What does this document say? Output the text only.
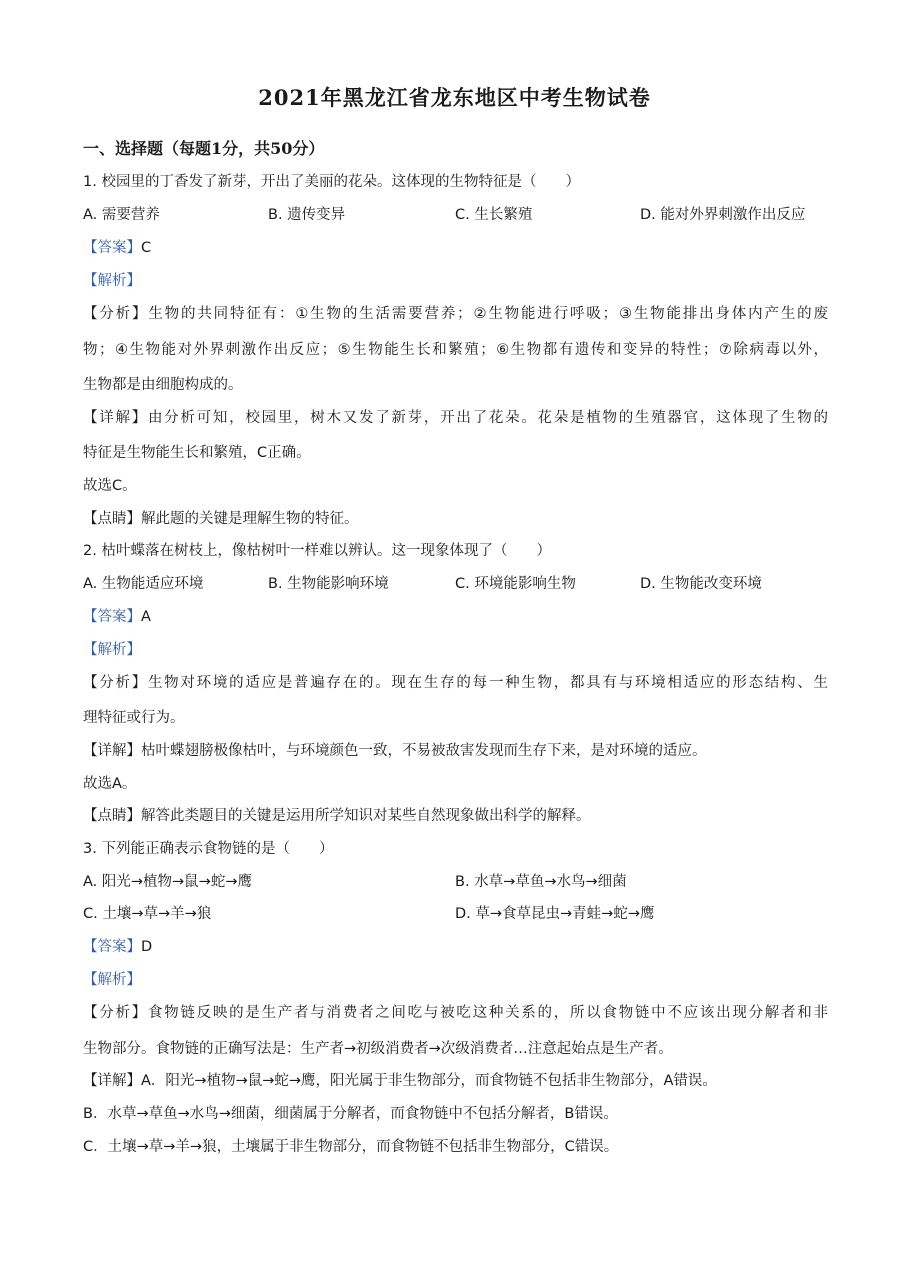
2021年黑龙江省龙东地区中考生物试卷
一、选择题（每题1分，共50分）
1. 校园里的丁香发了新芽，开出了美丽的花朵。这体现的生物特征是（　　）
A. 需要营养	B. 遗传变异	C. 生长繁殖	D. 能对外界刺激作出反应
【答案】C
【解析】
【分析】生物的共同特征有：①生物的生活需要营养；②生物能进行呼吸；③生物能排出身体内产生的废
物；④生物能对外界刺激作出反应；⑤生物能生长和繁殖；⑥生物都有遗传和变异的特性；⑦除病毒以外，
生物都是由细胞构成的。
【详解】由分析可知，校园里，树木又发了新芽，开出了花朵。花朵是植物的生殖器官，这体现了生物的
特征是生物能生长和繁殖，C正确。
故选C。
【点睛】解此题的关键是理解生物的特征。
2. 枯叶蝶落在树枝上，像枯树叶一样难以辨认。这一现象体现了（　　）
A. 生物能适应环境	B. 生物能影响环境	C. 环境能影响生物	D. 生物能改变环境
【答案】A
【解析】
【分析】生物对环境的适应是普遍存在的。现在生存的每一种生物，都具有与环境相适应的形态结构、生
理特征或行为。
【详解】枯叶蝶翅膀极像枯叶，与环境颜色一致，不易被敌害发现而生存下来，是对环境的适应。
故选A。
【点睛】解答此类题目的关键是运用所学知识对某些自然现象做出科学的解释。
3. 下列能正确表示食物链的是（　　）
A. 阳光→植物→鼠→蛇→鹰	B. 水草→草鱼→水鸟→细菌
C. 土壤→草→羊→狼	D. 草→食草昆虫→青蛙→蛇→鹰
【答案】D
【解析】
【分析】食物链反映的是生产者与消费者之间吃与被吃这种关系的，所以食物链中不应该出现分解者和非
生物部分。食物链的正确写法是：生产者→初级消费者→次级消费者…注意起始点是生产者。
【详解】A．阳光→植物→鼠→蛇→鹰，阳光属于非生物部分，而食物链不包括非生物部分，A错误。
B．水草→草鱼→水鸟→细菌，细菌属于分解者，而食物链中不包括分解者，B错误。
C．土壤→草→羊→狼，土壤属于非生物部分，而食物链不包括非生物部分，C错误。
